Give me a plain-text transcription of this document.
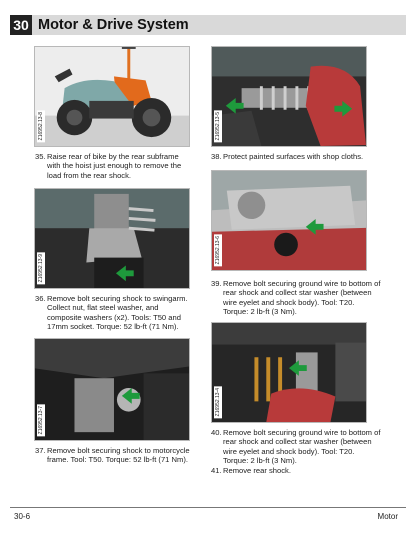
30 Motor & Drive System
Z16952.13-8
Z16952.13-9
Z16952.13-7
Z16952.13-5
Z16952.13-6
Z16952.13-4
35. Raise rear of bike by the rear subframe with the hoist just enough to remove the load from the rear shock.
36. Remove bolt securing shock to swingarm. Collect nut, flat steel washer, and composite washers (x2). Tools: T50 and 17mm socket. Torque: 52 lb-ft (71 Nm).
37. Remove bolt securing shock to motorcycle frame. Tool: T50. Torque: 52 lb-ft (71 Nm).
38. Protect painted surfaces with shop cloths.
39. Remove bolt securing ground wire to bottom of rear shock and collect star washer (between wire eyelet and shock body). Tool: T20. Torque: 2 lb-ft (3 Nm).
40. Remove bolt securing ground wire to bottom of rear shock and collect star washer (between wire eyelet and shock body). Tool: T20. Torque: 2 lb-ft (3 Nm).
41. Remove rear shock.
30-6	Motor
